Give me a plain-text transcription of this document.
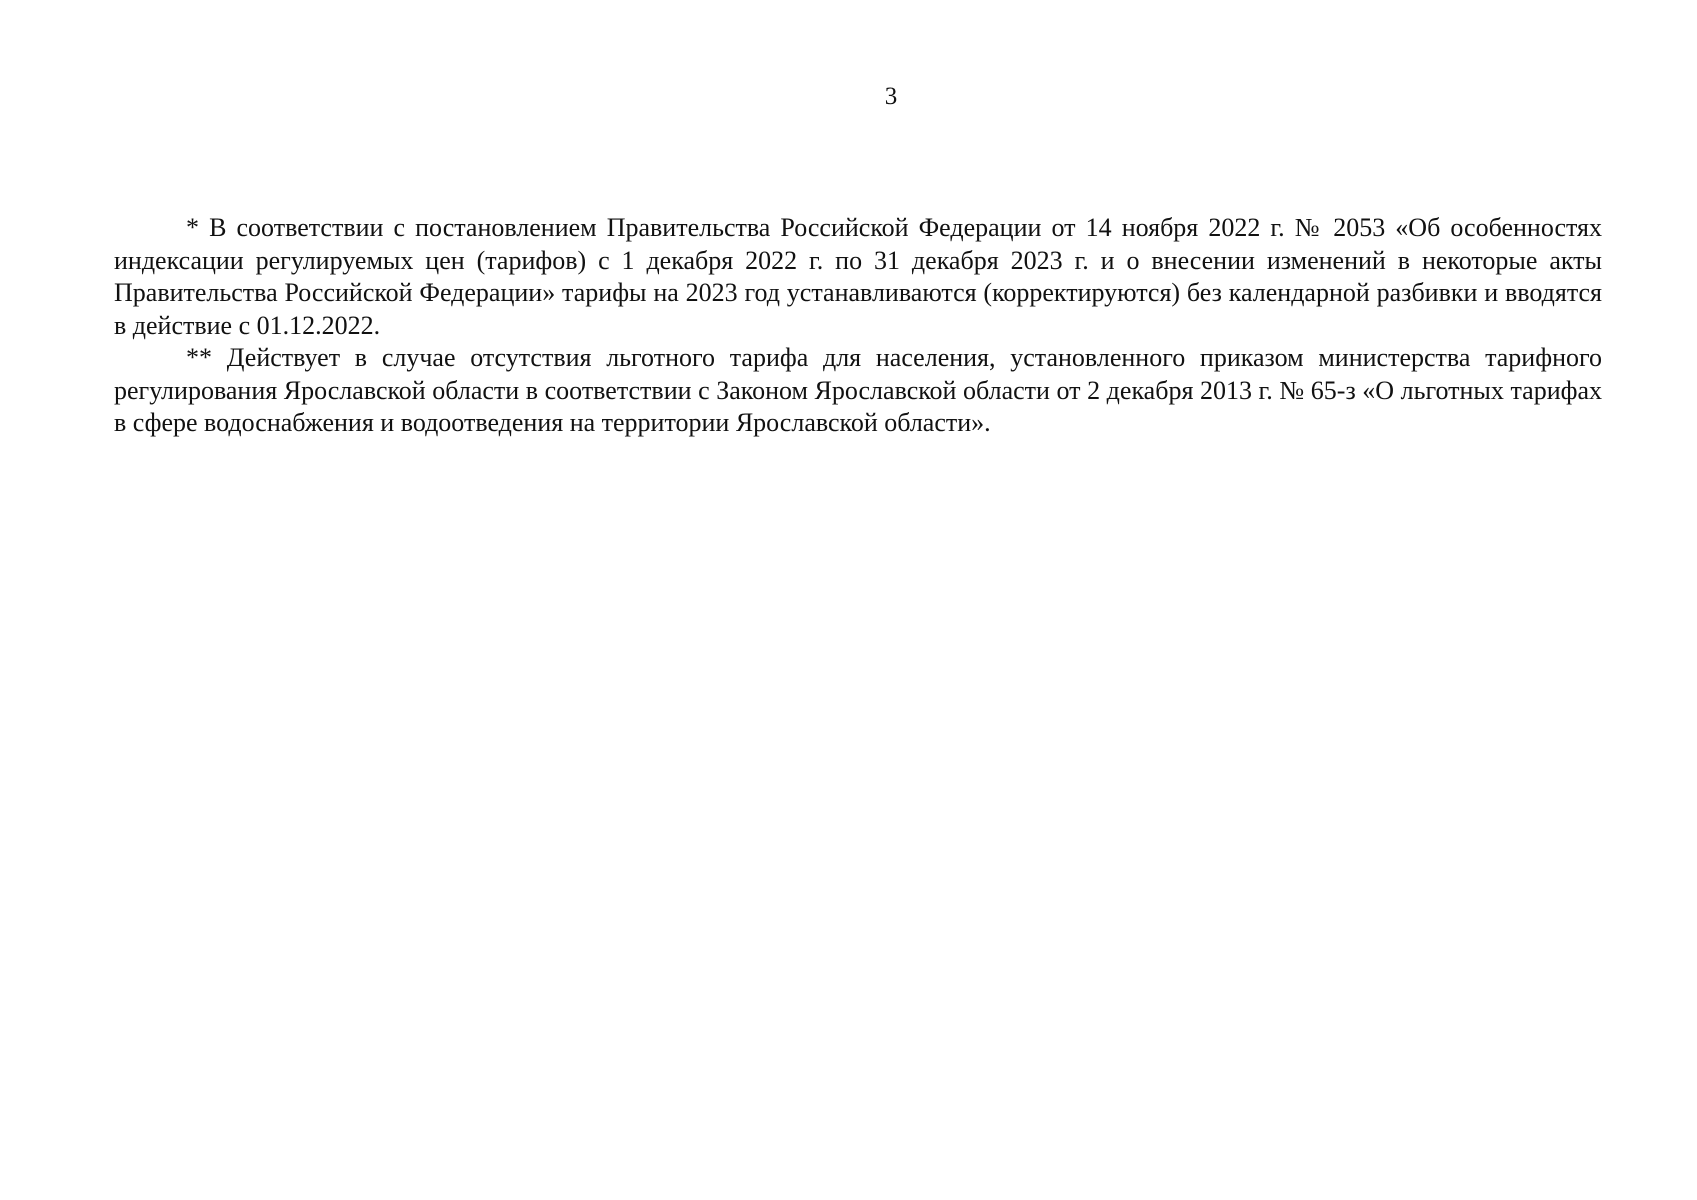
3

* В соответствии с постановлением Правительства Российской Федерации от 14 ноября 2022 г. № 2053 «Об особенностях индексации регулируемых цен (тарифов) с 1 декабря 2022 г. по 31 декабря 2023 г. и о внесении изменений в некоторые акты Правительства Российской Федерации» тарифы на 2023 год устанавливаются (корректируются) без календарной разбивки и вводятся в действие с 01.12.2022.

** Действует в случае отсутствия льготного тарифа для населения, установленного приказом министерства тарифного регулирования Ярославской области в соответствии с Законом Ярославской области от 2 декабря 2013 г. № 65-з «О льготных тарифах в сфере водоснабжения и водоотведения на территории Ярославской области».
